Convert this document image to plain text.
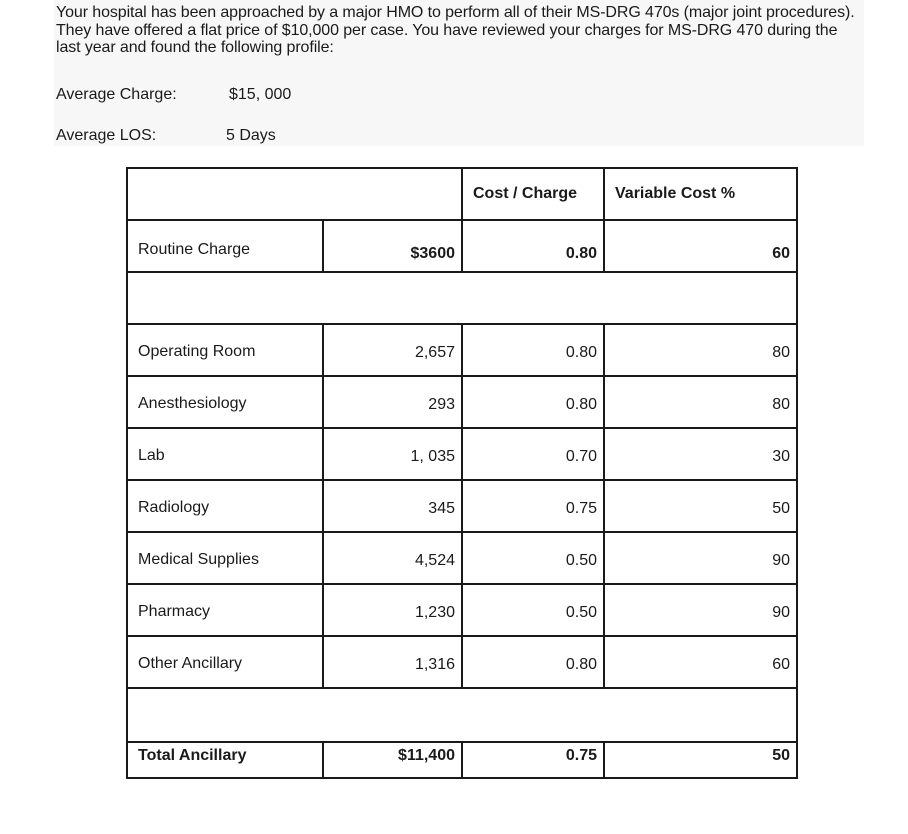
Your hospital has been approached by a major HMO to perform all of their MS-DRG 470s (major joint procedures). They have offered a flat price of $10,000 per case. You have reviewed your charges for MS-DRG 470 during the last year and found the following profile:

Average Charge:	$15, 000
Average LOS:	5 Days
		Cost / Charge	Variable Cost %
Routine Charge	$3600	0.80	60

Operating Room	2,657	0.80	80
Anesthesiology	293	0.80	80
Lab	1, 035	0.70	30
Radiology	345	0.75	50
Medical Supplies	4,524	0.50	90
Pharmacy	1,230	0.50	90
Other Ancillary	1,316	0.80	60

Total Ancillary	$11,400	0.75	50
